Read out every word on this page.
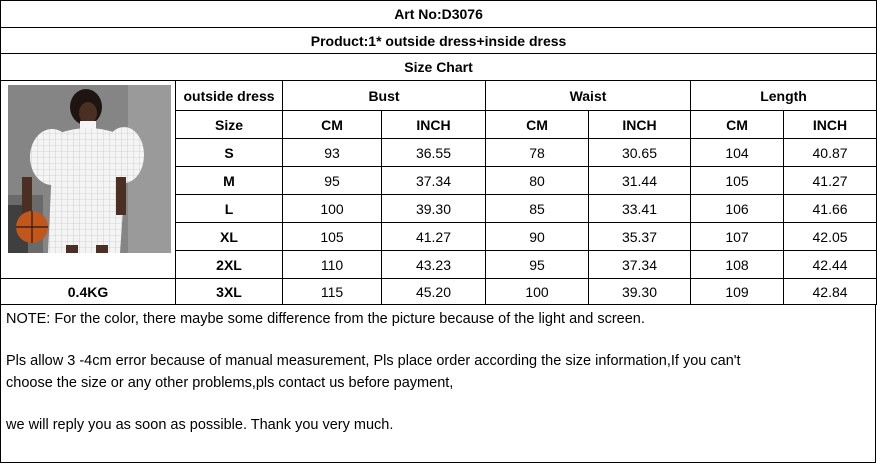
Art No:D3076							
Product:1* outside dress+inside dress							
Size Chart							

	outside dress	Bust		Waist		Length	
	Size	CM	INCH	CM	INCH	CM	INCH
	S	93	36.55	78	30.65	104	40.87
	M	95	37.34	80	31.44	105	41.27
	L	100	39.30	85	33.41	106	41.66
	XL	105	41.27	90	35.37	107	42.05
	2XL	110	43.23	95	37.34	108	42.44
0.4KG	3XL	115	45.20	100	39.30	109	42.84
NOTE: For the color, there maybe some difference from the picture because of the light and screen.
Pls allow 3 -4cm error because of manual measurement, Pls place order according the size information,If you can't
choose the size or any other problems,pls contact us before payment,
we will reply you as soon as possible. Thank you very much.
